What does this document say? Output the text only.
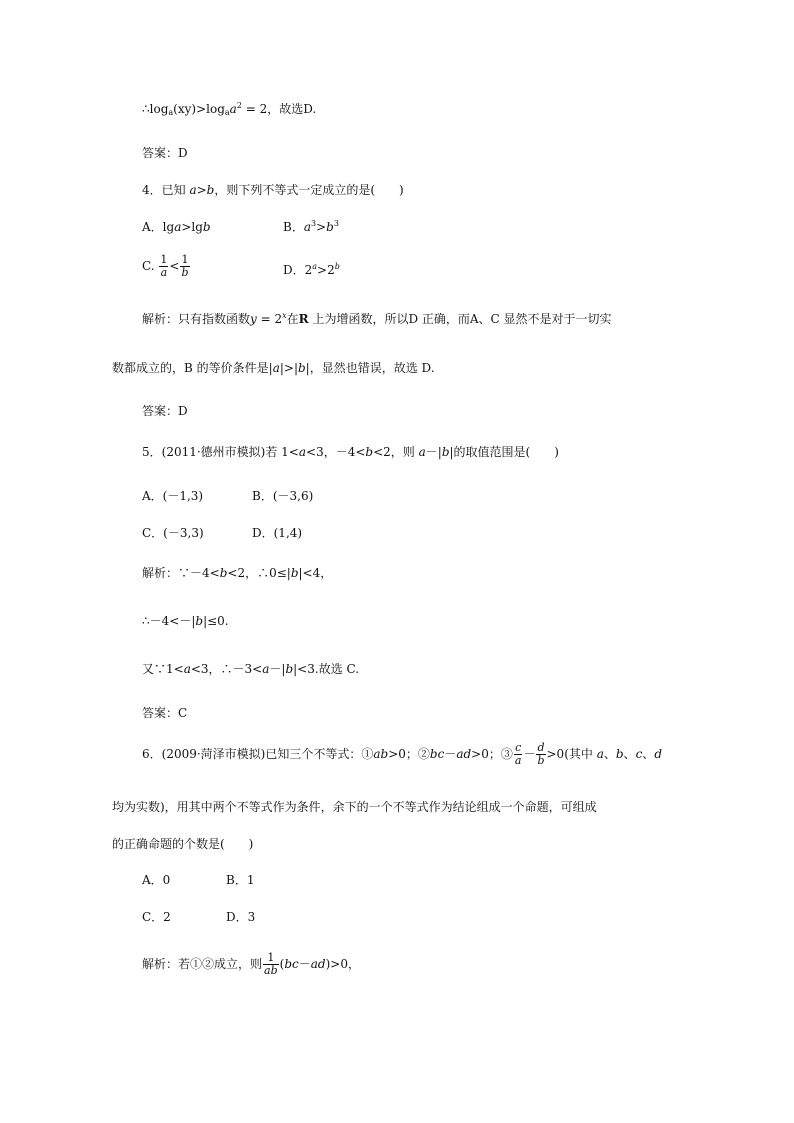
$\therefore\log_a(xy)>\log_aa^2 = 2$，故选D.
答案：D
4．已知 a>b，则下列不等式一定成立的是(　　)
A．lga>lgb	B．$a^3>b^3$
C. $\frac{1}{a} < \frac{1}{b}$	D．$2^a>2^b$
解析：只有指数函数$y = 2^x$在R 上为增函数，所以D 正确，而A、C 显然不是对于一切实
数都成立的，B 的等价条件是|a|>|b|，显然也错误，故选 D.
答案：D
5．(2011·德州市模拟)若 1<a<3，－4<b<2，则 a－|b|的取值范围是(　　)
A．(－1,3)	B．(－3,6)
C．(－3,3)	D．(1,4)
解析：∵－4<b<2，∴0≤|b|<4，
∴－4<－|b|≤0.
又∵1<a<3，∴－3<a－|b|<3.故选 C.
答案：C
6．(2009·菏泽市模拟)已知三个不等式：①ab>0；②bc－ad>0；③ $\frac{c}{a} - \frac{d}{b} >0$(其中 a、b、c、d
均为实数)，用其中两个不等式作为条件，余下的一个不等式作为结论组成一个命题，可组成
的正确命题的个数是(　　)
A．0	B．1
C．2	D．3
解析：若①②成立，则 $\frac{1}{ab} (bc-ad)>0$，
